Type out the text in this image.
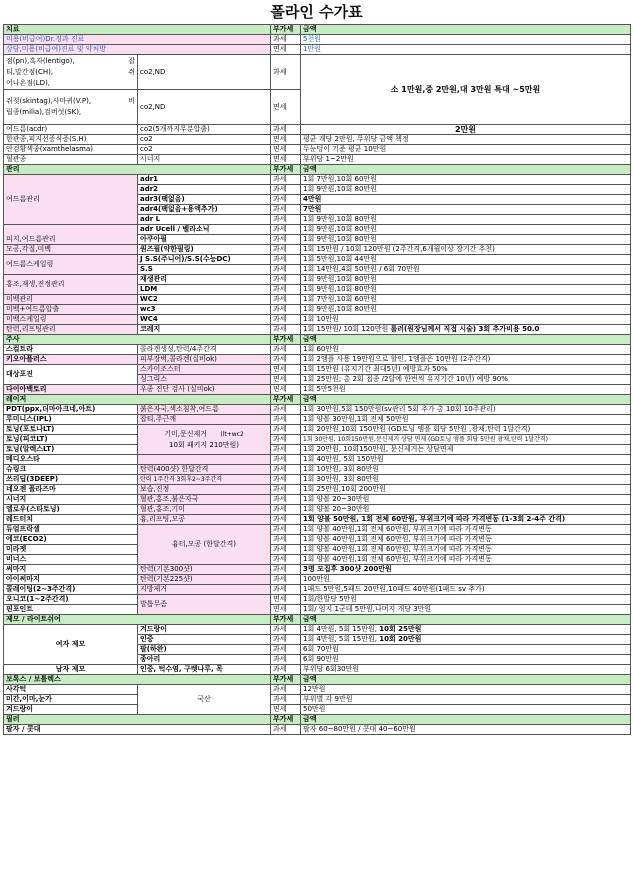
폴라인 수가표
치료		부가세	금액
미용(비급여)Dr.경과 진료		과세	5천원
상담,미용(비급여)진료 및 약처방		면세	1만원

점(pn),흑자(lentigo), 잡
티,말간점(CH), 쥐
어나온점(LD),	co2,ND	과세	소 1만원,중 2만원,대 3만원 특대 ~5만원

쥐젖(skintag),사마귀(V.P), 비
립종(milia),검버섯(SK),	co2,ND	면세	
여드름(acdr)	co2(5개까지무분압출)	과세	2만원
한관종,피지선증식증(S.H)	co2	면세	평균 개당 2만원, 무위당 금액 책정
안검황색종(xamthelasma)	co2	면세	두눈덩이 기준 평균 10만원
혈관종	시너지	면세	부위당 1~2만원
관리		부가세	금액
여드름관리	adr1	과세	1회 7만원,10회 60만원
	adr2	과세	1회 9만원,10회 80만원
	adr3(팩없음)	과세	4만원
	adr4(팩없음+용액추가)	과세	7만원
	adr L	과세	1회 9만원,10회 80만원
피지,여드름관리	adr Ucell / 벨라소닉	과세	1회 9만원,10회 80만원
	아쿠아필	과세	1회 9만원,10회 80만원
모공,각질,미백	퀀즈필(약한필링)	과세	1회 15만원 / 10회 120만원 (2주간격,6개월이상 장기간 추천)
여드름스케일링	J S.S(주니어)/S.S(수능DC)	과세	1회 5만원,10회 44만원
	S.S	과세	1회 14만원,4회 50만원 / 6회 70만원
홍조,재생,진정관리	재생관리	과세	1회 9만원,10회 80만원
	LDM	과세	1회 9만원,10회 80만원
미백관리	WC2	과세	1회 7만원,10회 60만원
미백+여드름압출	wc3	과세	1회 9만원,10회 80만원
미백스케일링	WC4	과세	1회 10만원
탄력,리프팅관리	코레지	과세	1회 15만원/ 10회 120만원 롤러(원장님께서 직접 시술) 3회 추가비용 50.0
주사		부가세	금액
스컬트라	콜라겐생성,탄력/4주간격	과세	1회 60만원
키오아플러스	피부장벽,콜라겐(실비ok)	과세	1회 2앰플 사용 19만원으로 할인, 1앰플은 10만원 (2주간격)
대상포진	스카이조스터	면세	1회 15만원 (유지기간 최대5년) 예방효과 50%
	싱그릭스	면세	1회 25만원; 총 2회 접종 /2달에 한번씩 유지기간 10년) 예방 90%
다이아백토리	우종 진단 검사 (실비ok)	면세	1회 5만5천원
레이저		부가세	금액
PDT(ppx,더마아크네,아트)	붉은자국,색소침착,여드름	과세	1회 30만원,5회 150만원(sv관리 5회 추가 총 10회 10주관리)
루미니스(IPL)	잡티,주근깨	과세	1회 양볼 30만원,1회 전체 50만원
토닝(포토나LT)	기미,문신제거 (lt+wc2
10회 패키지 210만원)	과세	1회 20만원,10회 150만원 (GD토닝 앰플 회당 5만원 ,광채,탄력 1달간격)
토닝(피코LT)		과세	1회 30만원, 10회150만원,문신제거 상담 면제 (GD토닝 앰플 회당 5만원 광채,탄력 1달간격)
토닝(알렉스LT)		과세	1회 20만원, 10회150만원, 문신제거는 상담면제
메디오스타		과세	1회 40만원, 5회 150만원
슈링크	탄력(400샷) 한달간격	과세	1회 10만원, 3회 80만원
쓰리딥(3DEEP)	탄력 1주간격 3회후2~3주간격	과세	1회 30만원, 3회 80만원
네오젠 플라즈마	보습,진정	과세	1회 25만원,10회 200만원
시너지	혈관,홍조,붉은자국	과세	1회 양볼 20~30만원
엘로우(스타토닝)	혈관,홍조,기미	과세	1회 양볼 20~30만원
레드터치	흉,리프팅,모공	과세	1회 양볼 50만원, 1회 전체 60만원, 부위크기에 따라 가격변동 (1-3회 2-4주 간격)
듀얼프락셀	흉터,모공 (한달간격)	과세	1회 양볼 40만원,1회 전체 60만원, 부위크기에 따라 가격변동
에코(ECO2)		과세	1회 양볼 40만원,1회 전체 60만원, 부위크기에 따라 가격변동
미라젯		과세	1회 양볼 40만원,1회 전체 60만원, 부위크기에 따라 가격변동
비너스		과세	1회 양볼 40만원,1회 전체 60만원, 부위크기에 따라 가격변동
써마지	탄력(기본300샷)	과세	3명 모집후 300샷 200만원
아이써마지	탄력(기본225샷)	과세	100만원
콜레이팅(2~3주간격)	지방제거	과세	1패드 5만원,5패드 20만원,10패드 40만원(1패드 sv 추가)
오니코(1~2주간격)	발톱무좀	면세	1회/한발당 5만원
핀포인트		면세	1회/ 엄지 1군데 5만원,나머지 개당 3만원
제모 / 라이트쉬어		부가세	금액
여자 제모	겨드랑이	과세	1회 4만원, 5회 15만원, 10회 25만원
	인중	과세	1회 4만원, 5회 15만원, 10회 20만원
	팔(하완)	과세	6회 70만원
	종아리	과세	6회 90만원
남자 제모	인중, 턱수염, 구렛나루, 목	과세	부위당 6회30만원
보톡스 / 보툴렉스		부가세	금액
사각턱	국산	과세	12만원
미간,이마,눈가		과세	부위별 각 9만원
겨드랑이		면세	50만원
필러		부가세	금액
팔자 / 콧대		과세	팔자 60~80만원 / 콧대 40~60만원
